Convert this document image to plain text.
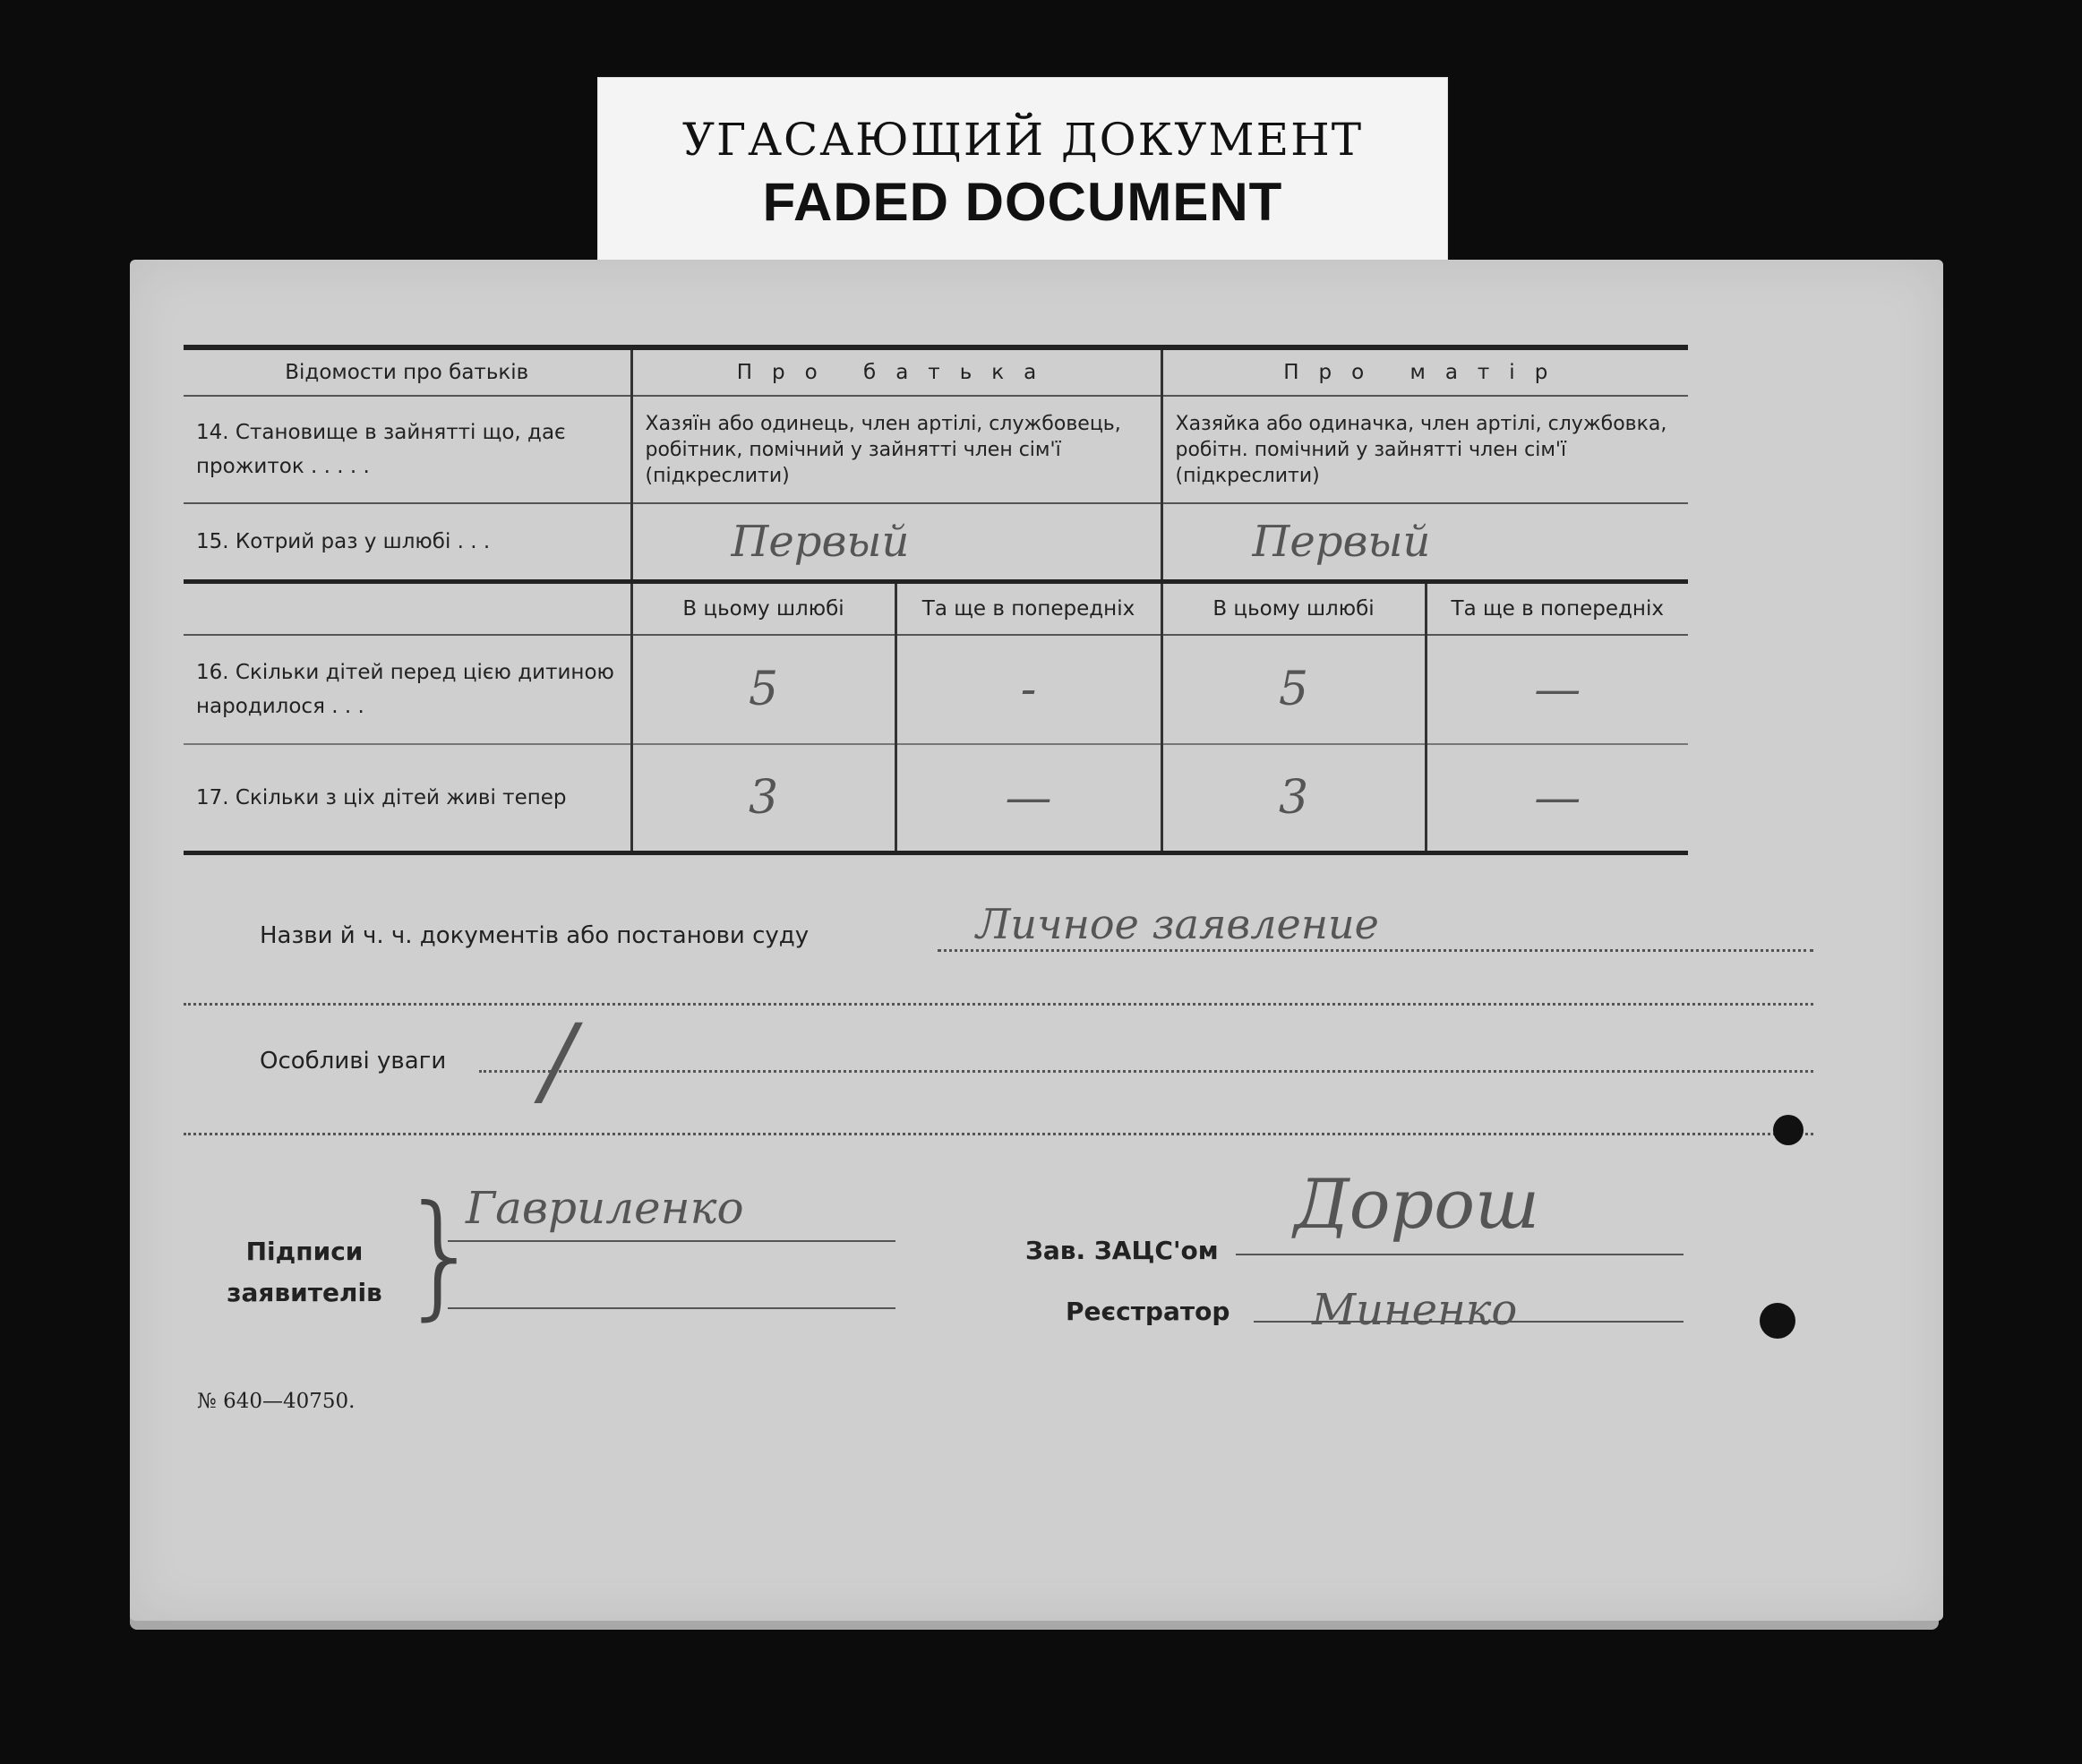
УГАСАЮЩИЙ ДОКУМЕНТ
FADED DOCUMENT
Відомости про батьків	Про батька		Про матір	
14. Становище в зайнятті що, дає прожиток . . . . .	Хазяїн або одинець, член артілі, службовець, робітник, помічний у зайнятті член сім'ї (підкреслити)		Хазяйка або одиначка, член артілі, службовка, робітн. помічний у зайнятті член сім'ї (підкреслити)	
15. Котрий раз у шлюбі . . .	Первый		Первый	
	В цьому шлюбі	Та ще в попередніх	В цьому шлюбі	Та ще в попередніх
16. Скільки дітей перед цією дитиною народилося . . .	5	-	5	—
17. Скільки з ціх дітей живі тепер	3	—	3	—
Назви й ч. ч. документів або постанови суду	Личное заявление
Особливі уваги /
Підписи заявителів }
Гавриленко
Зав. ЗАЦС'ом
Дорош
Реєстратор Миненко
№ 640—40750.
